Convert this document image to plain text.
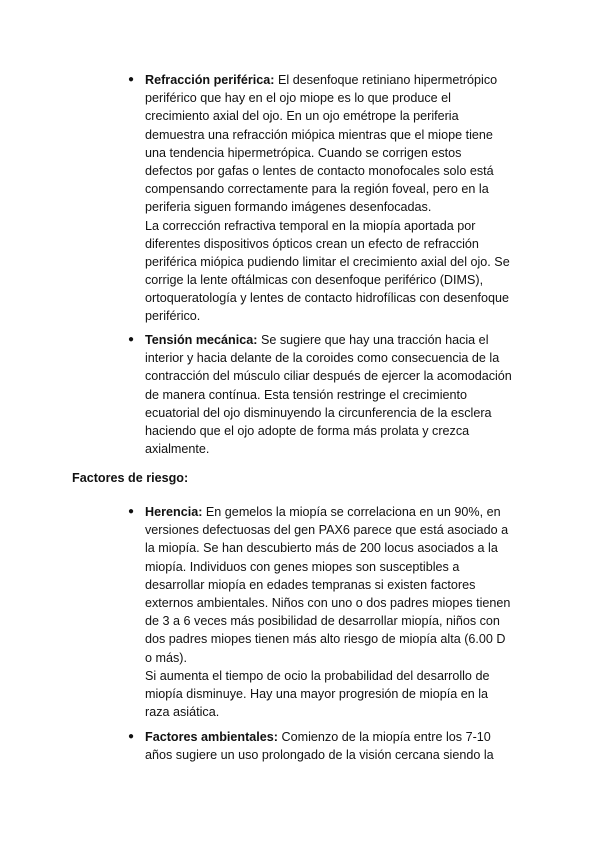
● Refracción periférica: El desenfoque retiniano hipermetrópico
periférico que hay en el ojo miope es lo que produce el
crecimiento axial del ojo. En un ojo emétrope la periferia
demuestra una refracción miópica mientras que el miope tiene
una tendencia hipermetrópica. Cuando se corrigen estos
defectos por gafas o lentes de contacto monofocales solo está
compensando correctamente para la región foveal, pero en la
periferia siguen formando imágenes desenfocadas.
La corrección refractiva temporal en la miopía aportada por
diferentes dispositivos ópticos crean un efecto de refracción
periférica miópica pudiendo limitar el crecimiento axial del ojo. Se
corrige la lente oftálmicas con desenfoque periférico (DIMS),
ortoqueratología y lentes de contacto hidrofílicas con desenfoque
periférico.
● Tensión mecánica: Se sugiere que hay una tracción hacia el
interior y hacia delante de la coroides como consecuencia de la
contracción del músculo ciliar después de ejercer la acomodación
de manera contínua. Esta tensión restringe el crecimiento
ecuatorial del ojo disminuyendo la circunferencia de la esclera
haciendo que el ojo adopte de forma más prolata y crezca
axialmente.
Factores de riesgo:
● Herencia: En gemelos la miopía se correlaciona en un 90%, en
versiones defectuosas del gen PAX6 parece que está asociado a
la miopía. Se han descubierto más de 200 locus asociados a la
miopía. Individuos con genes miopes son susceptibles a
desarrollar miopía en edades tempranas si existen factores
externos ambientales. Niños con uno o dos padres miopes tienen
de 3 a 6 veces más posibilidad de desarrollar miopía, niños con
dos padres miopes tienen más alto riesgo de miopía alta (6.00 D
o más).
Si aumenta el tiempo de ocio la probabilidad del desarrollo de
miopía disminuye. Hay una mayor progresión de miopía en la
raza asiática.
● Factores ambientales: Comienzo de la miopía entre los 7-10
años sugiere un uso prolongado de la visión cercana siendo la
